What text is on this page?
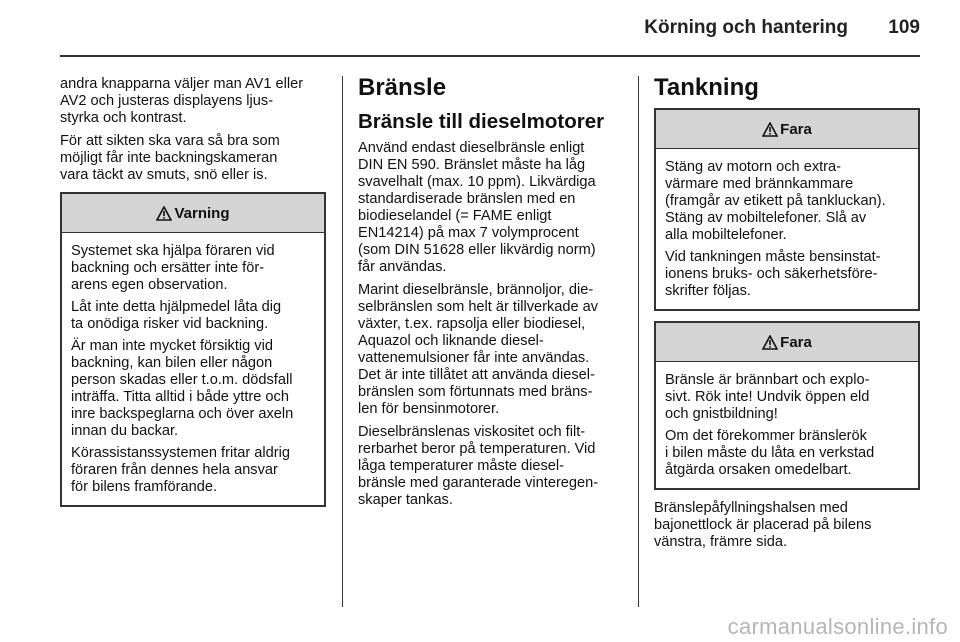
Körning och hantering 109

andra knapparna väljer man AV1 eller
AV2 och justeras displayens ljus-
styrka och kontrast.

För att sikten ska vara så bra som
möjligt får inte backningskameran
vara täckt av smuts, snö eller is.

Varning

Systemet ska hjälpa föraren vid
backning och ersätter inte för-
arens egen observation.

Låt inte detta hjälpmedel låta dig
ta onödiga risker vid backning.

Är man inte mycket försiktig vid
backning, kan bilen eller någon
person skadas eller t.o.m. dödsfall
inträffa. Titta alltid i både yttre och
inre backspeglarna och över axeln
innan du backar.

Körassistanssystemen fritar aldrig
föraren från dennes hela ansvar
för bilens framförande.

Bränsle
Bränsle till dieselmotorer

Använd endast dieselbränsle enligt
DIN EN 590. Bränslet måste ha låg
svavelhalt (max. 10 ppm). Likvärdiga
standardiserade bränslen med en
biodieselandel (= FAME enligt
EN14214) på max 7 volymprocent
(som DIN 51628 eller likvärdig norm)
får användas.

Marint dieselbränsle, brännoljor, die-
selbränslen som helt är tillverkade av
växter, t.ex. rapsolja eller biodiesel,
Aquazol och liknande diesel-
vattenemulsioner får inte användas.
Det är inte tillåtet att använda diesel-
bränslen som förtunnats med bräns-
len för bensinmotorer.

Dieselbränslenas viskositet och filt-
rerbarhet beror på temperaturen. Vid
låga temperaturer måste diesel-
bränsle med garanterade vinteregen-
skaper tankas.

Tankning
Fara

Stäng av motorn och extra-
värmare med brännkammare
(framgår av etikett på tankluckan).
Stäng av mobiltelefoner. Slå av
alla mobiltelefoner.

Vid tankningen måste bensinstat-
ionens bruks- och säkerhetsföre-
skrifter följas.

Fara

Bränsle är brännbart och explo-
sivt. Rök inte! Undvik öppen eld
och gnistbildning!

Om det förekommer bränslerök
i bilen måste du låta en verkstad
åtgärda orsaken omedelbart.

Bränslepåfyllningshalsen med
bajonettlock är placerad på bilens
vänstra, främre sida.

carmanualsonline.info
